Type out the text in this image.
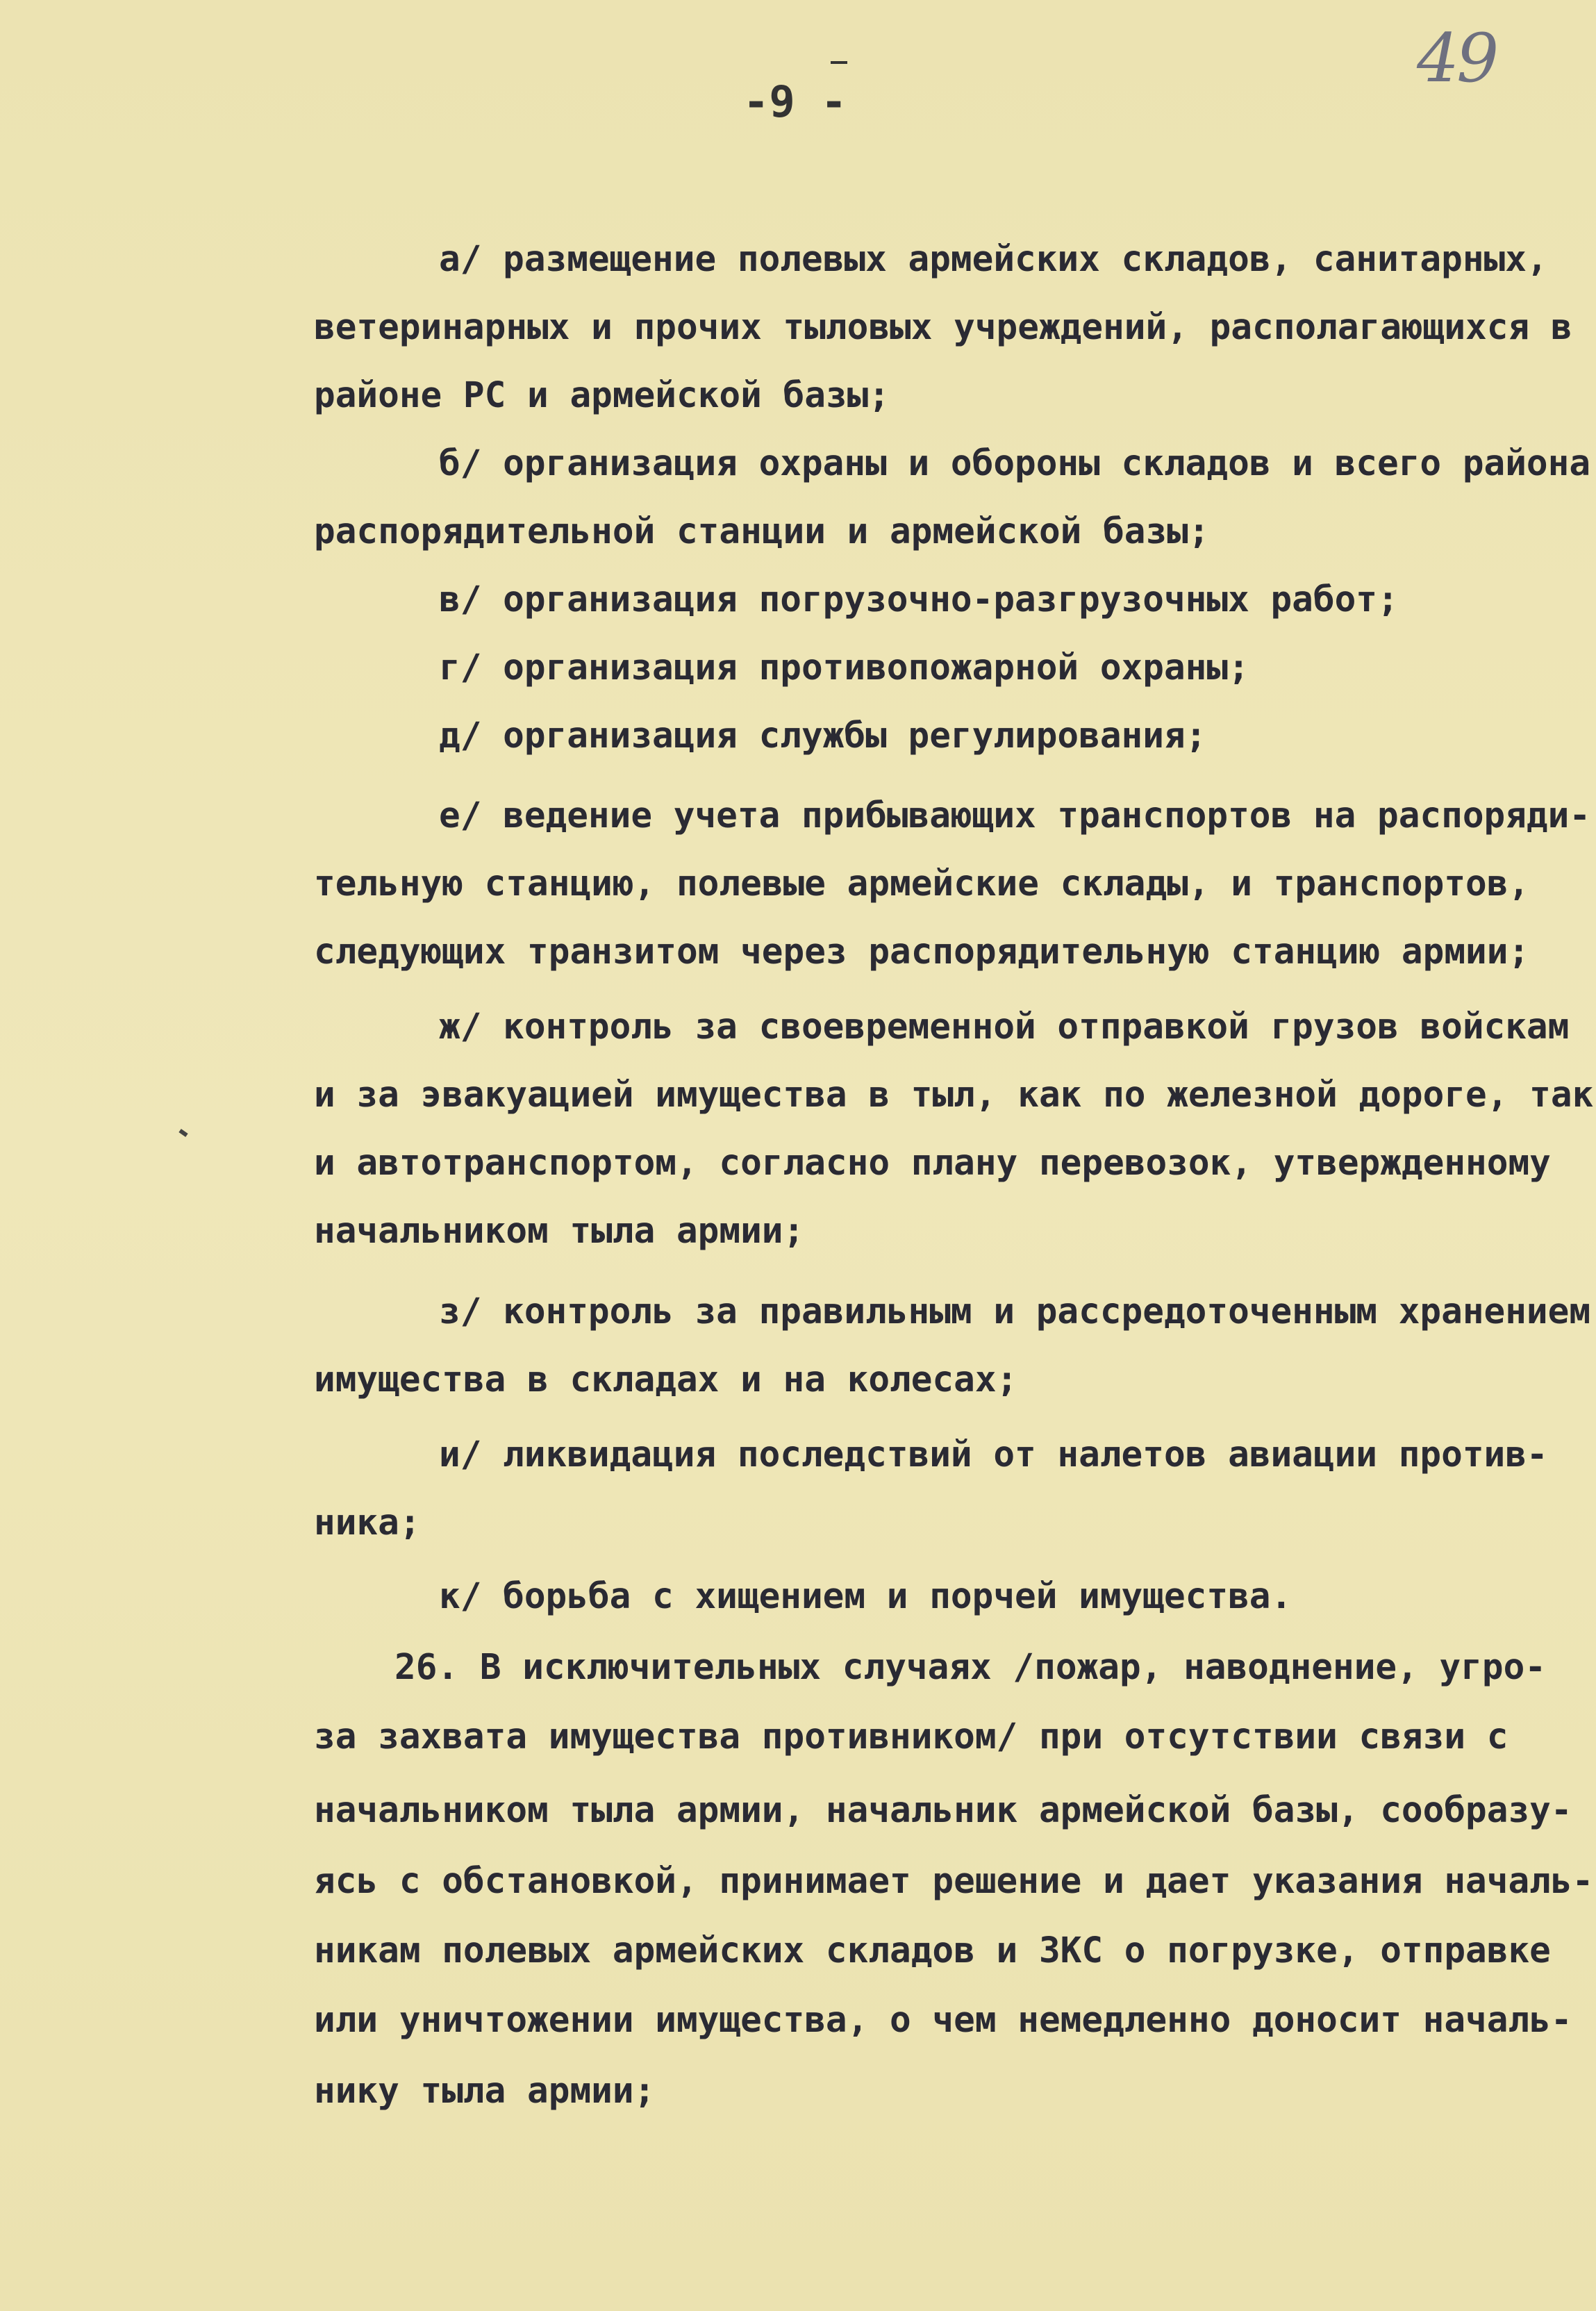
49
-9 -
а/ размещение полевых армейских складов, санитарных,
ветеринарных и прочих тыловых учреждений, располагающихся в
районе РС и армейской базы;
б/ организация охраны и обороны складов и всего района
распорядительной станции и армейской базы;
в/ организация погрузочно-разгрузочных работ;
г/ организация противопожарной охраны;
д/ организация службы регулирования;
е/ ведение учета прибывающих транспортов на распоряди-
тельную станцию, полевые армейские склады, и транспортов,
следующих транзитом через распорядительную станцию армии;
ж/ контроль за своевременной отправкой грузов войскам
и за эвакуацией имущества в тыл, как по железной дороге, так
и автотранспортом, согласно плану перевозок, утвержденному
начальником тыла армии;
з/ контроль за правильным и рассредоточенным хранением
имущества в складах и на колесах;
и/ ликвидация последствий от налетов авиации против-
ника;
к/ борьба с хищением и порчей имущества.
26. В исключительных случаях /пожар, наводнение, угро-
за захвата имущества противником/ при отсутствии связи с
начальником тыла армии, начальник армейской базы, сообразу-
ясь с обстановкой, принимает решение и дает указания началь-
никам полевых армейских складов и ЗКС о погрузке, отправке
или уничтожении имущества, о чем немедленно доносит началь-
нику тыла армии;
